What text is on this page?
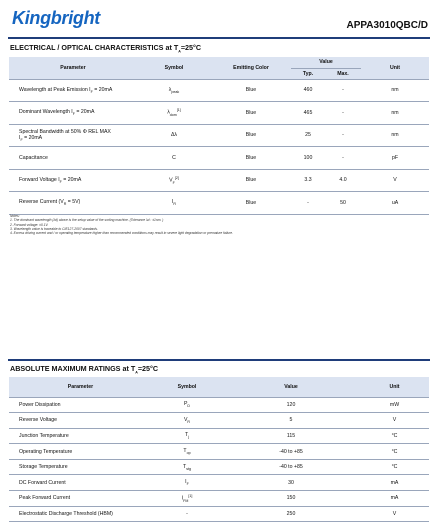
Kingbright	APPA3010QBC/D
ELECTRICAL / OPTICAL CHARACTERISTICS at $T_A=25^\circ C$
Parameter	Symbol	Emitting Color	Value		Unit
			Typ.	Max.	
Wavelength at Peak Emission $I_F = 20mA$	$\lambda_{peak}$	Blue	460	-	nm
Dominant Wavelength $I_F = 20mA$	$\lambda_{dom}[1]$	Blue	465	-	nm
Spectral Bandwidth at 50% Φ REL MAX
$I_F = 20mA$	Δλ	Blue	25	-	nm
Capacitance	C	Blue	100	-	pF
Forward Voltage $I_F = 20mA$	$V_F[2]$	Blue	3.3	4.0	V
Reverse Current $(V_R = 5V)$	$I_R$	Blue	-	50	uA
Notes:
1. The dominant wavelength (λd) above is the setup value of the sorting machine. (Tolerance λd : ±1nm. )
2. Forward voltage: ±0.1V.
3. Wavelength value is traceable to CIE127-2007 standards.
4. Excess driving current and / or operating temperature higher than recommended conditions may result in severe light degradation or premature failure.
ABSOLUTE MAXIMUM RATINGS at $T_A=25^\circ C$
Parameter	Symbol	Value	Unit
Power Dissipation	$P_D$	120	mW
Reverse Voltage	$V_R$	5	V
Junction Temperature	$T_j$	115	°C
Operating Temperature	$T_{op}$	-40 to +85	°C
Storage Temperature	$T_{stg}$	-40 to +85	°C
DC Forward Current	$I_F$	30	mA
Peak Forward Current	$I_{FM}[1]$	150	mA
Electrostatic Discharge Threshold (HBM)	-	250	V
